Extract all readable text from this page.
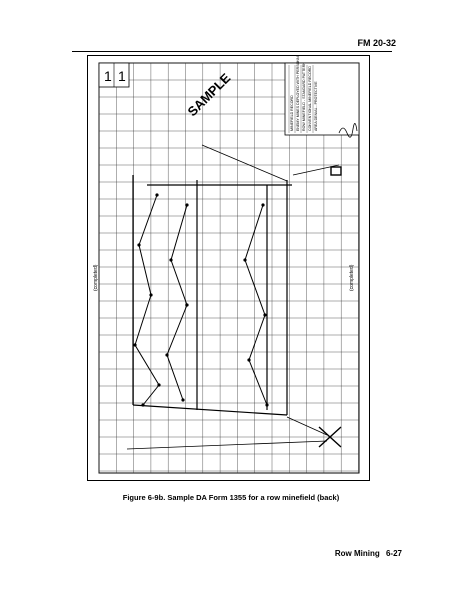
FM 20-32
MINEFIELD RECORD ENEMY MINES DEPLOYED WITH PERSONNEL ROW MINEFIELD - STANDARD PATTERN CONVENTIONAL MINEFIELD RECORD AREA DENIAL - PROTECTIVE
1 1	SAMPLE
(completed)	(completed)
Figure 6-9b. Sample DA Form 1355 for a row minefield (back)
Row Mining 6-27
